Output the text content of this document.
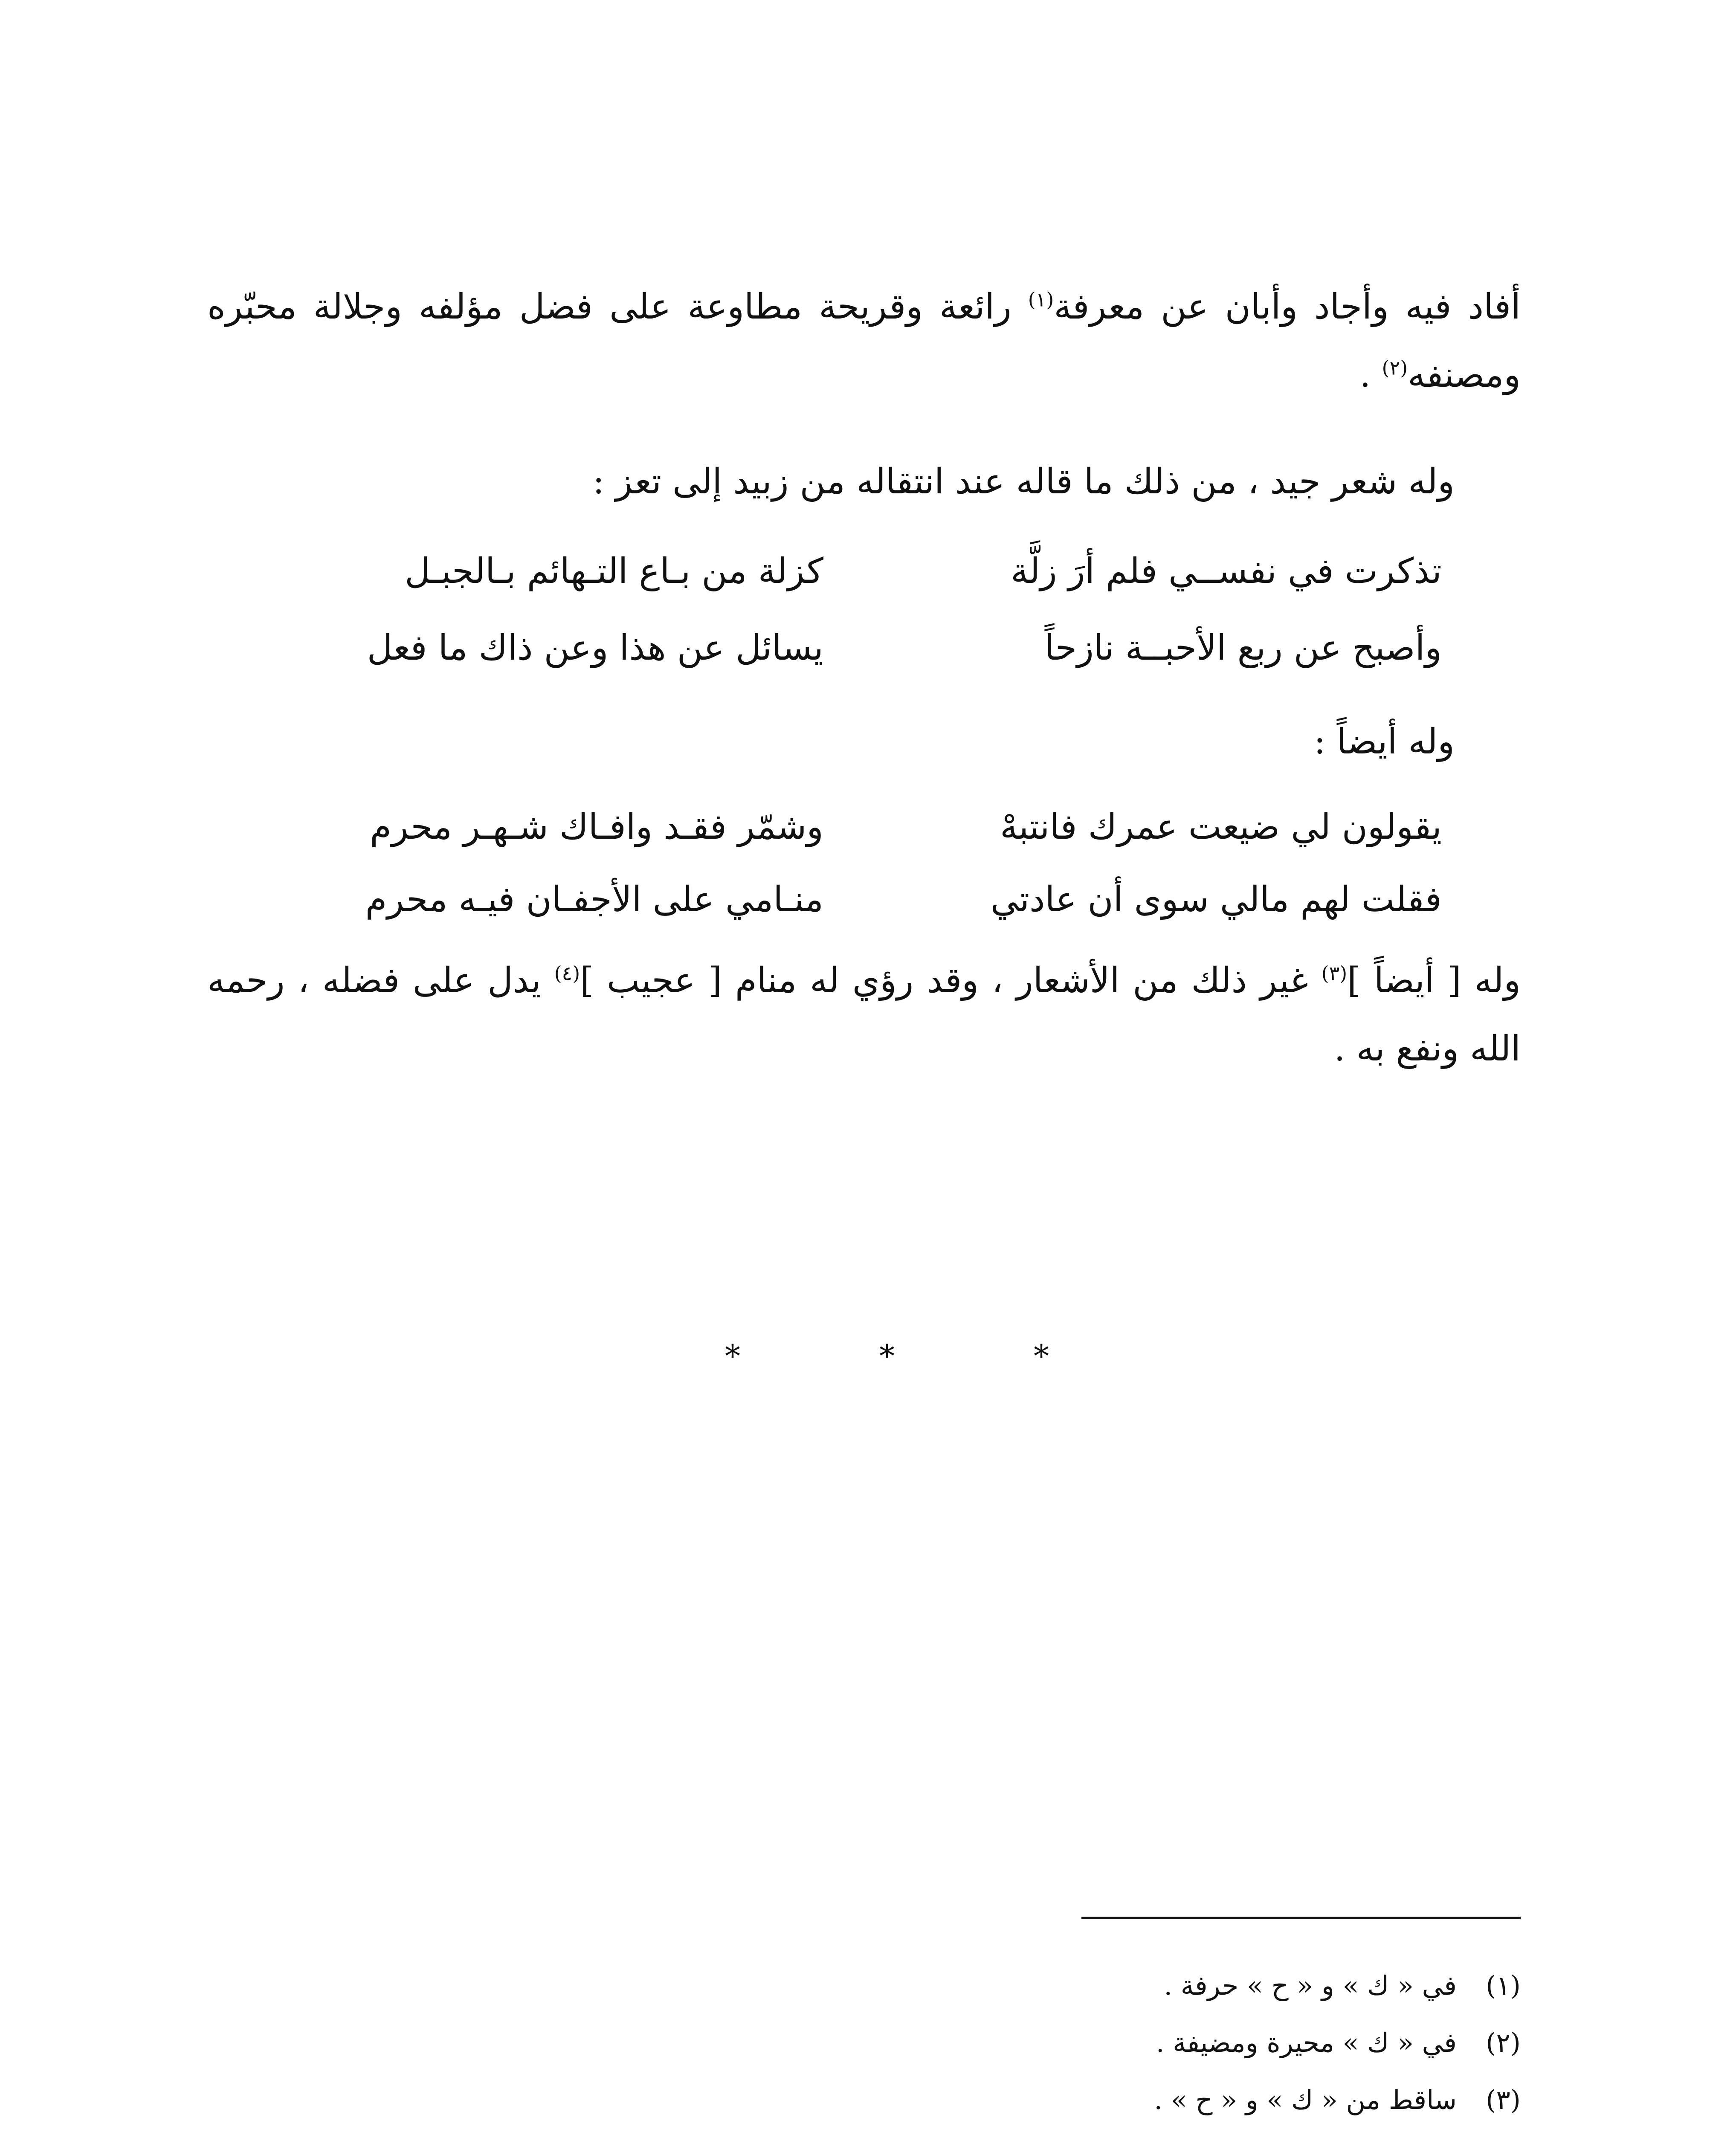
أفاد فيه وأجاد وأبان عن معرفة$^{(١)}$ رائعة وقريحة مطاوعة على فضل مؤلفه وجلالة محبّره ومصنفه$^{(٢)}$ .

وله شعر جيد ، من ذلك ما قاله عند انتقاله من زبيد إلى تعز :

تذكرت في نفســي فلم أرَ زلَّة
كزلة من بـاع التـهائم بـالجبـل
وأصبح عن ربع الأحبــة نازحاً
يسائل عن هذا وعن ذاك ما فعل

وله أيضاً :

يقولون لي ضيعت عمرك فانتبهْ
وشمّر فقـد وافـاك شـهـر محرم
فقلت لهم مالي سوى أن عادتي
منـامي على الأجفـان فيـه محرم

وله [ أيضاً ]$^{(٣)}$ غير ذلك من الأشعار ، وقد رؤي له منام [ عجيب ]$^{(٤)}$ يدل على فضله ، رحمه الله ونفع به .

*
*
*
(١)
في « ك » و « ح » حرفة .
(٢)
في « ك » محيرة ومضيفة .
(٣)
ساقط من « ك » و « ح » .
